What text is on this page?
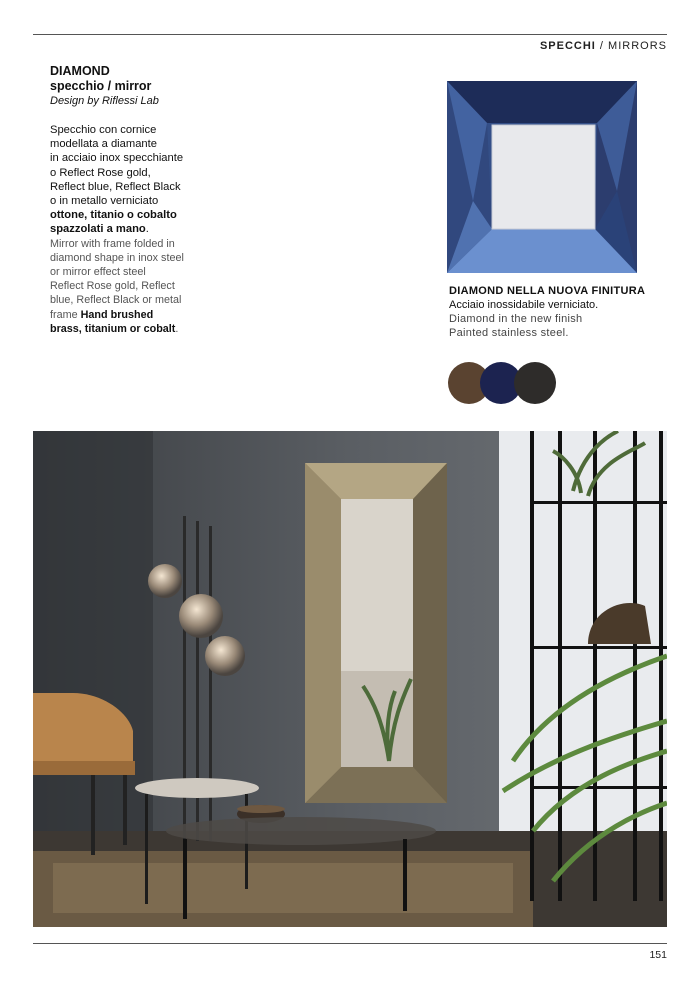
SPECCHI / MIRRORS
DIAMOND
specchio / mirror
Design by Riflessi Lab
Specchio con cornice
modellata a diamante
in acciaio inox specchiante
o Reflect Rose gold,
Reflect blue, Reflect Black
o in metallo verniciato
ottone, titanio o cobalto
spazzolati a mano.
Mirror with frame folded in
diamond shape in inox steel
or mirror effect steel
Reflect Rose gold, Reflect
blue, Reflect Black or metal
frame Hand brushed
brass, titanium or cobalt.
DIAMOND NELLA NUOVA FINITURA
Acciaio inossidabile verniciato.
Diamond in the new finish
Painted stainless steel.
151
